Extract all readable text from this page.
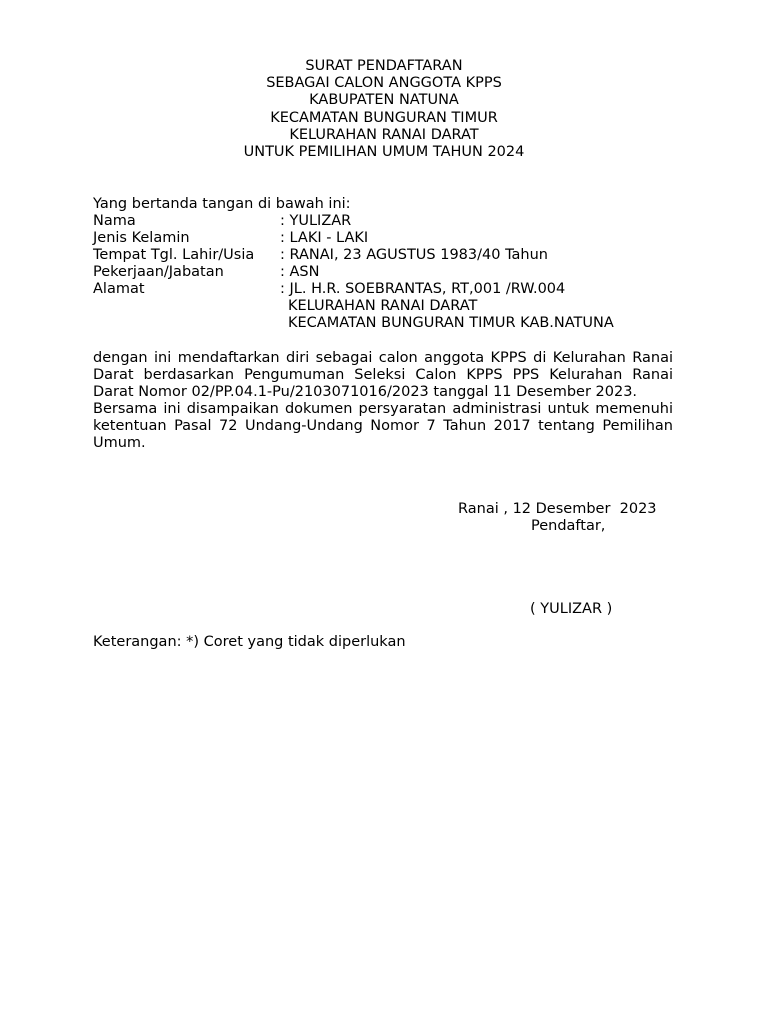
SURAT PENDAFTARAN
SEBAGAI CALON ANGGOTA KPPS
KABUPATEN NATUNA
KECAMATAN BUNGURAN TIMUR
KELURAHAN RANAI DARAT
UNTUK PEMILIHAN UMUM TAHUN 2024
Yang bertanda tangan di bawah ini:
Nama	: YULIZAR
Jenis Kelamin	: LAKI - LAKI
Tempat Tgl. Lahir/Usia	: RANAI, 23 AGUSTUS 1983/40 Tahun
Pekerjaan/Jabatan	: ASN
Alamat	: JL. H.R. SOEBRANTAS, RT,001 /RW.004
KELURAHAN RANAI DARAT
KECAMATAN BUNGURAN TIMUR KAB.NATUNA

dengan ini mendaftarkan diri sebagai calon anggota KPPS di Kelurahan Ranai Darat berdasarkan Pengumuman Seleksi Calon KPPS PPS Kelurahan Ranai Darat Nomor 02/PP.04.1-Pu/2103071016/2023 tanggal 11 Desember 2023.

Bersama ini disampaikan dokumen persyaratan administrasi untuk memenuhi ketentuan Pasal 72 Undang-Undang Nomor 7 Tahun 2017 tentang Pemilihan Umum.

Ranai , 12 Desember  2023
Pendaftar,
( YULIZAR )
Keterangan: *) Coret yang tidak diperlukan
